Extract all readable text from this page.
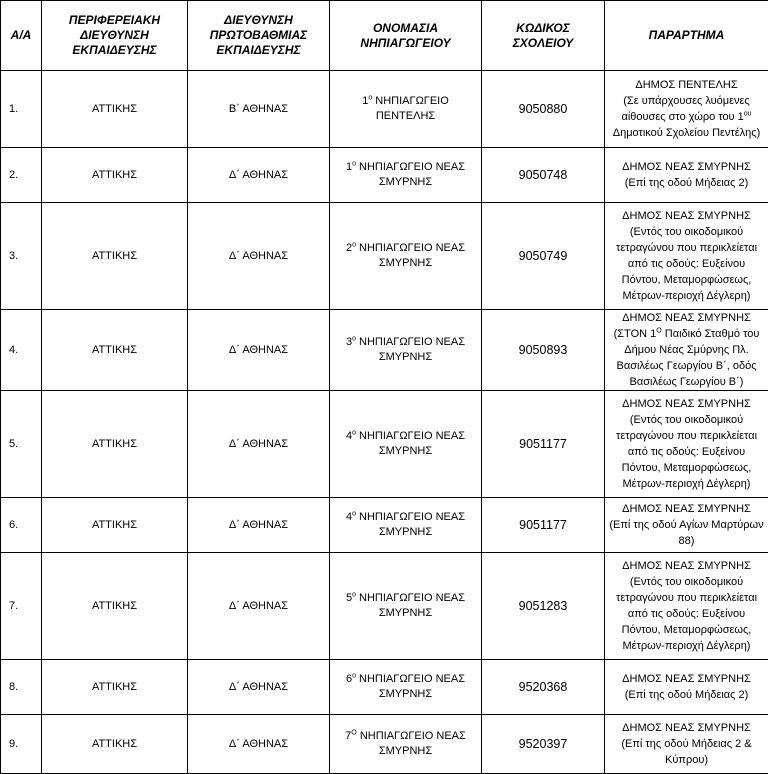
Α/Α	ΠΕΡΙΦΕΡΕΙΑΚΗ ΔΙΕΥΘΥΝΣΗ ΕΚΠΑΙΔΕΥΣΗΣ	ΔΙΕΥΘΥΝΣΗ ΠΡΩΤΟΒΑΘΜΙΑΣ ΕΚΠΑΙΔΕΥΣΗΣ	ΟΝΟΜΑΣΙΑ ΝΗΠΙΑΓΩΓΕΙΟΥ	ΚΩΔΙΚΟΣ ΣΧΟΛΕΙΟΥ	ΠΑΡΑΡΤΗΜΑ
1.	ΑΤΤΙΚΗΣ	Β΄ ΑΘΗΝΑΣ	$1^o$ ΝΗΠΙΑΓΩΓΕΙΟ ΠΕΝΤΕΛΗΣ	9050880	ΔΗΜΟΣ ΠΕΝΤΕΛΗΣ
(Σε υπάρχουσες λυόμενες αίθουσες στο χώρο του $1^{o\upsilon}$ Δημοτικού Σχολείου Πεντέλης)
2.	ΑΤΤΙΚΗΣ	Δ΄ ΑΘΗΝΑΣ	$1^o$ ΝΗΠΙΑΓΩΓΕΙΟ ΝΕΑΣ ΣΜΥΡΝΗΣ	9050748	ΔΗΜΟΣ ΝΕΑΣ ΣΜΥΡΝΗΣ
(Επί της οδού Μήδειας 2)
3.	ΑΤΤΙΚΗΣ	Δ΄ ΑΘΗΝΑΣ	$2^o$ ΝΗΠΙΑΓΩΓΕΙΟ ΝΕΑΣ ΣΜΥΡΝΗΣ	9050749	ΔΗΜΟΣ ΝΕΑΣ ΣΜΥΡΝΗΣ
(Εντός του οικοδομικού τετραγώνου που περικλείεται από τις οδούς: Ευξείνου Πόντου, Μεταμορφώσεως, Μέτρων-περιοχή Δέγλερη)
4.	ΑΤΤΙΚΗΣ	Δ΄ ΑΘΗΝΑΣ	$3^o$ ΝΗΠΙΑΓΩΓΕΙΟ ΝΕΑΣ ΣΜΥΡΝΗΣ	9050893	ΔΗΜΟΣ ΝΕΑΣ ΣΜΥΡΝΗΣ
(ΣΤΟΝ $1^O$ Παιδικό Σταθμό του Δήμου Νέας Σμύρνης Πλ. Βασιλέως Γεωργίου Β΄, οδός Βασιλέως Γεωργίου Β΄)
5.	ΑΤΤΙΚΗΣ	Δ΄ ΑΘΗΝΑΣ	$4^o$ ΝΗΠΙΑΓΩΓΕΙΟ ΝΕΑΣ ΣΜΥΡΝΗΣ	9051177	ΔΗΜΟΣ ΝΕΑΣ ΣΜΥΡΝΗΣ
(Εντός του οικοδομικού τετραγώνου που περικλείεται από τις οδούς: Ευξείνου Πόντου, Μεταμορφώσεως, Μέτρων-περιοχή Δέγλερη)
6.	ΑΤΤΙΚΗΣ	Δ΄ ΑΘΗΝΑΣ	$4^o$ ΝΗΠΙΑΓΩΓΕΙΟ ΝΕΑΣ ΣΜΥΡΝΗΣ	9051177	ΔΗΜΟΣ ΝΕΑΣ ΣΜΥΡΝΗΣ
(Επί της οδού Αγίων Μαρτύρων 88)
7.	ΑΤΤΙΚΗΣ	Δ΄ ΑΘΗΝΑΣ	$5^o$ ΝΗΠΙΑΓΩΓΕΙΟ ΝΕΑΣ ΣΜΥΡΝΗΣ	9051283	ΔΗΜΟΣ ΝΕΑΣ ΣΜΥΡΝΗΣ
(Εντός του οικοδομικού τετραγώνου που περικλείεται από τις οδούς: Ευξείνου Πόντου, Μεταμορφώσεως, Μέτρων-περιοχή Δέγλερη)
8.	ΑΤΤΙΚΗΣ	Δ΄ ΑΘΗΝΑΣ	$6^o$ ΝΗΠΙΑΓΩΓΕΙΟ ΝΕΑΣ ΣΜΥΡΝΗΣ	9520368	ΔΗΜΟΣ ΝΕΑΣ ΣΜΥΡΝΗΣ
(Επί της οδού Μήδειας 2)
9.	ΑΤΤΙΚΗΣ	Δ΄ ΑΘΗΝΑΣ	$7^O$ ΝΗΠΙΑΓΩΓΕΙΟ ΝΕΑΣ ΣΜΥΡΝΗΣ	9520397	ΔΗΜΟΣ ΝΕΑΣ ΣΜΥΡΝΗΣ
(Επί της οδού Μήδειας 2 & Κύπρου)
